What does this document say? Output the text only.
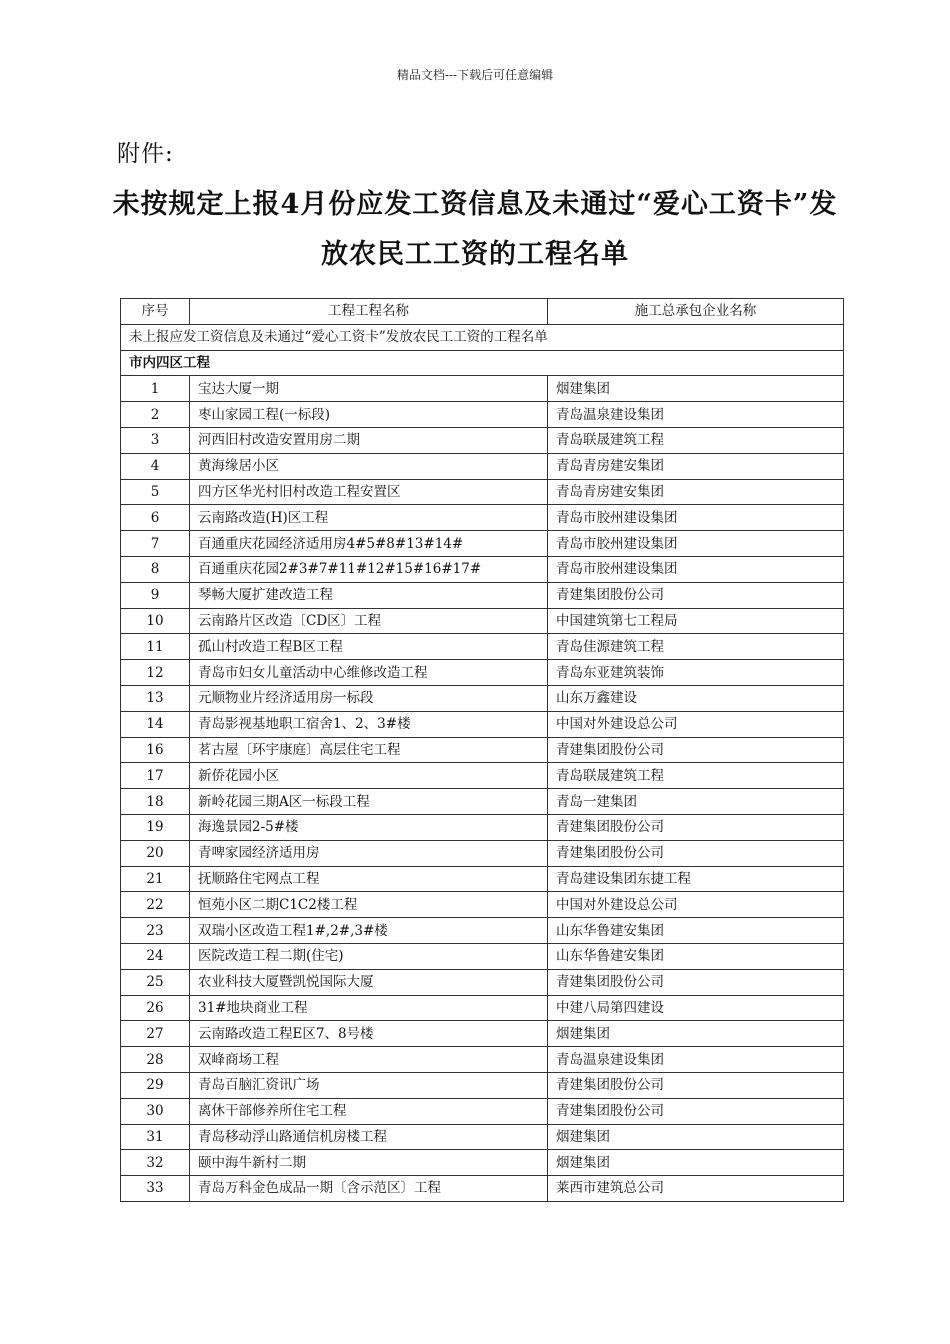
精品文档---下载后可任意编辑
附件:
未按规定上报4月份应发工资信息及未通过“爱心工资卡”发放农民工工资的工程名单
序号	工程工程名称	施工总承包企业名称
未上报应发工资信息及未通过“爱心工资卡”发放农民工工资的工程名单		
市内四区工程		
1	宝达大厦一期	烟建集团
2	枣山家园工程(一标段)	青岛温泉建设集团
3	河西旧村改造安置用房二期	青岛联晟建筑工程
4	黄海缘居小区	青岛青房建安集团
5	四方区华光村旧村改造工程安置区	青岛青房建安集团
6	云南路改造(H)区工程	青岛市胶州建设集团
7	百通重庆花园经济适用房4#5#8#13#14#	青岛市胶州建设集团
8	百通重庆花园2#3#7#11#12#15#16#17#	青岛市胶州建设集团
9	琴畅大厦扩建改造工程	青建集团股份公司
10	云南路片区改造〔CD区〕工程	中国建筑第七工程局
11	孤山村改造工程B区工程	青岛佳源建筑工程
12	青岛市妇女儿童活动中心维修改造工程	青岛东亚建筑装饰
13	元顺物业片经济适用房一标段	山东万鑫建设
14	青岛影视基地职工宿舍1、2、3#楼	中国对外建设总公司
16	茗古屋〔环宇康庭〕高层住宅工程	青建集团股份公司
17	新侨花园小区	青岛联晟建筑工程
18	新岭花园三期A区一标段工程	青岛一建集团
19	海逸景园2-5#楼	青建集团股份公司
20	青啤家园经济适用房	青建集团股份公司
21	抚顺路住宅网点工程	青岛建设集团东捷工程
22	恒苑小区二期C1C2楼工程	中国对外建设总公司
23	双瑞小区改造工程1#,2#,3#楼	山东华鲁建安集团
24	医院改造工程二期(住宅)	山东华鲁建安集团
25	农业科技大厦暨凯悦国际大厦	青建集团股份公司
26	31#地块商业工程	中建八局第四建设
27	云南路改造工程E区7、8号楼	烟建集团
28	双峰商场工程	青岛温泉建设集团
29	青岛百脑汇资讯广场	青建集团股份公司
30	离休干部修养所住宅工程	青建集团股份公司
31	青岛移动浮山路通信机房楼工程	烟建集团
32	颐中海牛新村二期	烟建集团
33	青岛万科金色成品一期〔含示范区〕工程	莱西市建筑总公司
